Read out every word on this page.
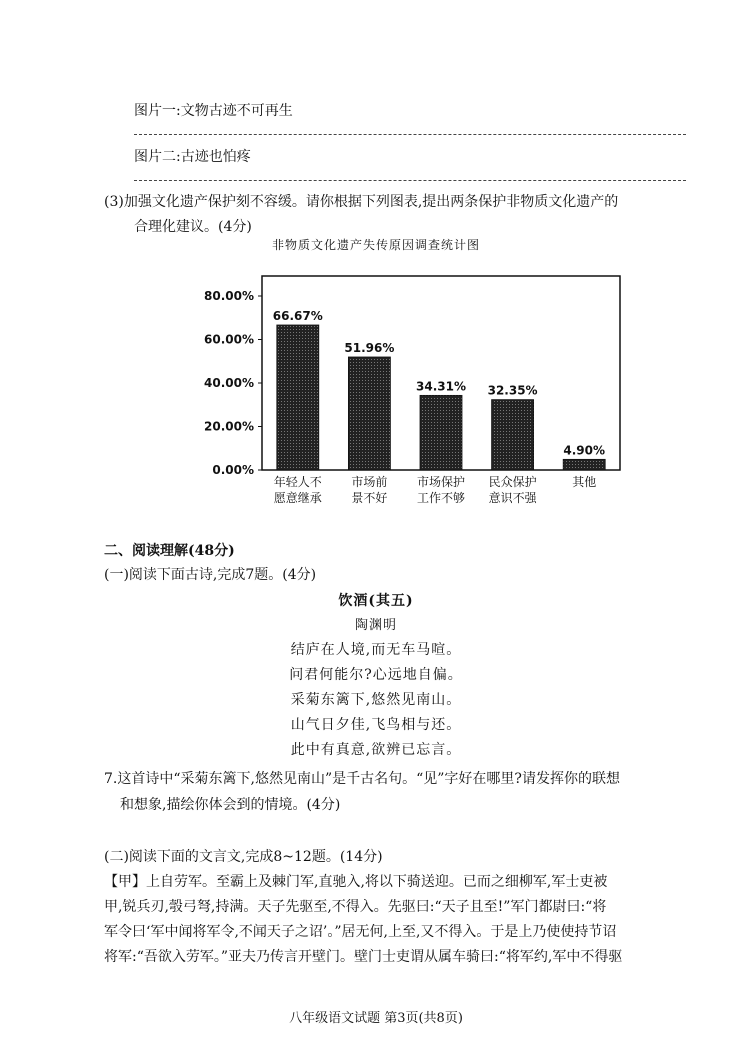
图片一:文物古迹不可再生
图片二:古迹也怕疼
(3)加强文化遗产保护刻不容缓。请你根据下列图表,提出两条保护非物质文化遗产的
合理化建议。(4分)
非物质文化遗产失传原因调查统计图
0.00%
20.00%
40.00%
60.00%
80.00%
66.67%
年轻人不
愿意继承
51.96%
市场前
景不好
34.31%
市场保护
工作不够
32.35%
民众保护
意识不强
4.90%
其他
二、阅读理解(48分)
(一)阅读下面古诗,完成7题。(4分)
饮酒(其五)
陶渊明
结庐在人境,而无车马喧。
问君何能尔?心远地自偏。
采菊东篱下,悠然见南山。
山气日夕佳,飞鸟相与还。
此中有真意,欲辨已忘言。
7.这首诗中“采菊东篱下,悠然见南山”是千古名句。“见”字好在哪里?请发挥你的联想
和想象,描绘你体会到的情境。(4分)
(二)阅读下面的文言文,完成8~12题。(14分)
【甲】上自劳军。至霸上及棘门军,直驰入,将以下骑送迎。已而之细柳军,军士吏被
甲,锐兵刃,彀弓弩,持满。天子先驱至,不得入。先驱曰:“天子且至!”军门都尉曰:“将
军令曰‘军中闻将军令,不闻天子之诏’。”居无何,上至,又不得入。于是上乃使使持节诏
将军:“吾欲入劳军。”亚夫乃传言开壁门。壁门士吏谓从属车骑曰:“将军约,军中不得驱
八年级语文试题 第3页(共8页)
